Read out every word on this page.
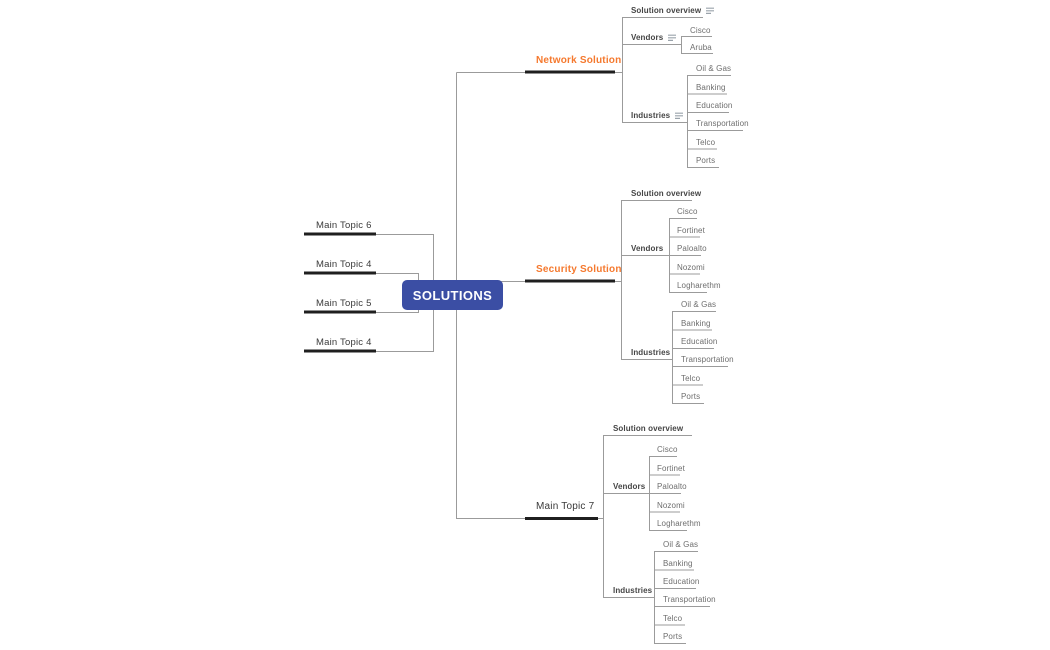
SOLUTIONS
Main Topic 6
Main Topic 4
Main Topic 5
Main Topic 4
Network Solution
Security Solution
Main Topic 7
Solution overview
Vendors
Cisco
Aruba
Industries
Oil & Gas
Banking
Education
Transportation
Telco
Ports
Solution overview
Vendors
Cisco
Fortinet
Paloalto
Nozomi
Logharethm
Industries
Oil & Gas
Banking
Education
Transportation
Telco
Ports
Solution overview
Vendors
Cisco
Fortinet
Paloalto
Nozomi
Logharethm
Industries
Oil & Gas
Banking
Education
Transportation
Telco
Ports
